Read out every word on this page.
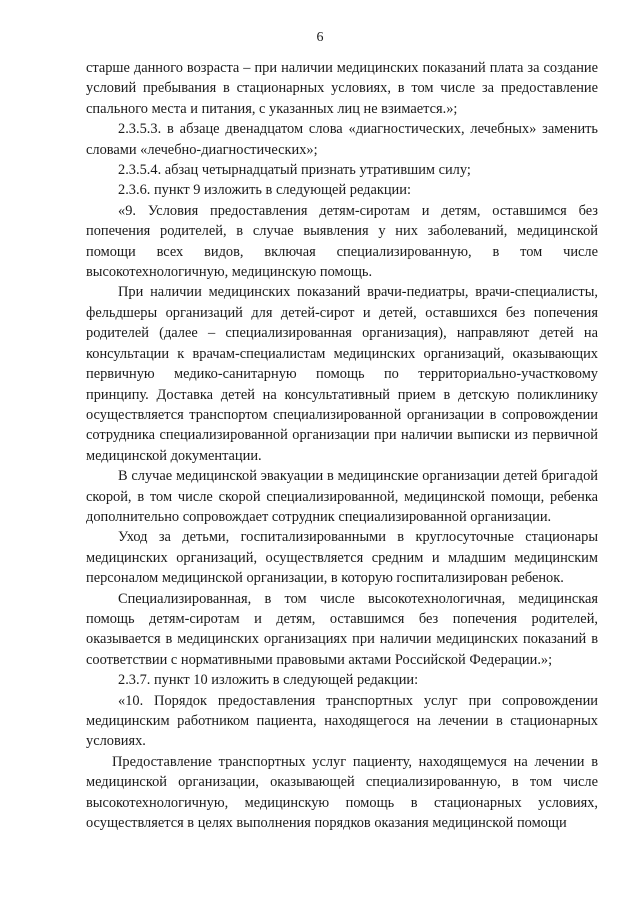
6

старше данного возраста – при наличии медицинских показаний плата за создание условий пребывания в стационарных условиях, в том числе за предоставление спального места и питания, с указанных лиц не взимается.»;

2.3.5.3. в абзаце двенадцатом слова «диагностических, лечебных» заменить словами «лечебно-диагностических»;

2.3.5.4. абзац четырнадцатый признать утратившим силу;

2.3.6. пункт 9 изложить в следующей редакции:

«9. Условия предоставления детям-сиротам и детям, оставшимся без попечения родителей, в случае выявления у них заболеваний, медицинской помощи всех видов, включая специализированную, в том числе высокотехнологичную, медицинскую помощь.

При наличии медицинских показаний врачи-педиатры, врачи-специалисты, фельдшеры организаций для детей-сирот и детей, оставшихся без попечения родителей (далее – специализированная организация), направляют детей на консультации к врачам-специалистам медицинских организаций, оказывающих первичную медико-санитарную помощь по территориально-участковому принципу. Доставка детей на консультативный прием в детскую поликлинику осуществляется транспортом специализированной организации в сопровождении сотрудника специализированной организации при наличии выписки из первичной медицинской документации.

В случае медицинской эвакуации в медицинские организации детей бригадой скорой, в том числе скорой специализированной, медицинской помощи, ребенка дополнительно сопровождает сотрудник специализированной организации.

Уход за детьми, госпитализированными в круглосуточные стационары медицинских организаций, осуществляется средним и младшим медицинским персоналом медицинской организации, в которую госпитализирован ребенок.

Специализированная, в том числе высокотехнологичная, медицинская помощь детям-сиротам и детям, оставшимся без попечения родителей, оказывается в медицинских организациях при наличии медицинских показаний в соответствии с нормативными правовыми актами Российской Федерации.»;

2.3.7. пункт 10 изложить в следующей редакции:

«10. Порядок предоставления транспортных услуг при сопровождении медицинским работником пациента, находящегося на лечении в стационарных условиях.

Предоставление транспортных услуг пациенту, находящемуся на лечении в медицинской организации, оказывающей специализированную, в том числе высокотехнологичную, медицинскую помощь в стационарных условиях, осуществляется в целях выполнения порядков оказания медицинской помощи
